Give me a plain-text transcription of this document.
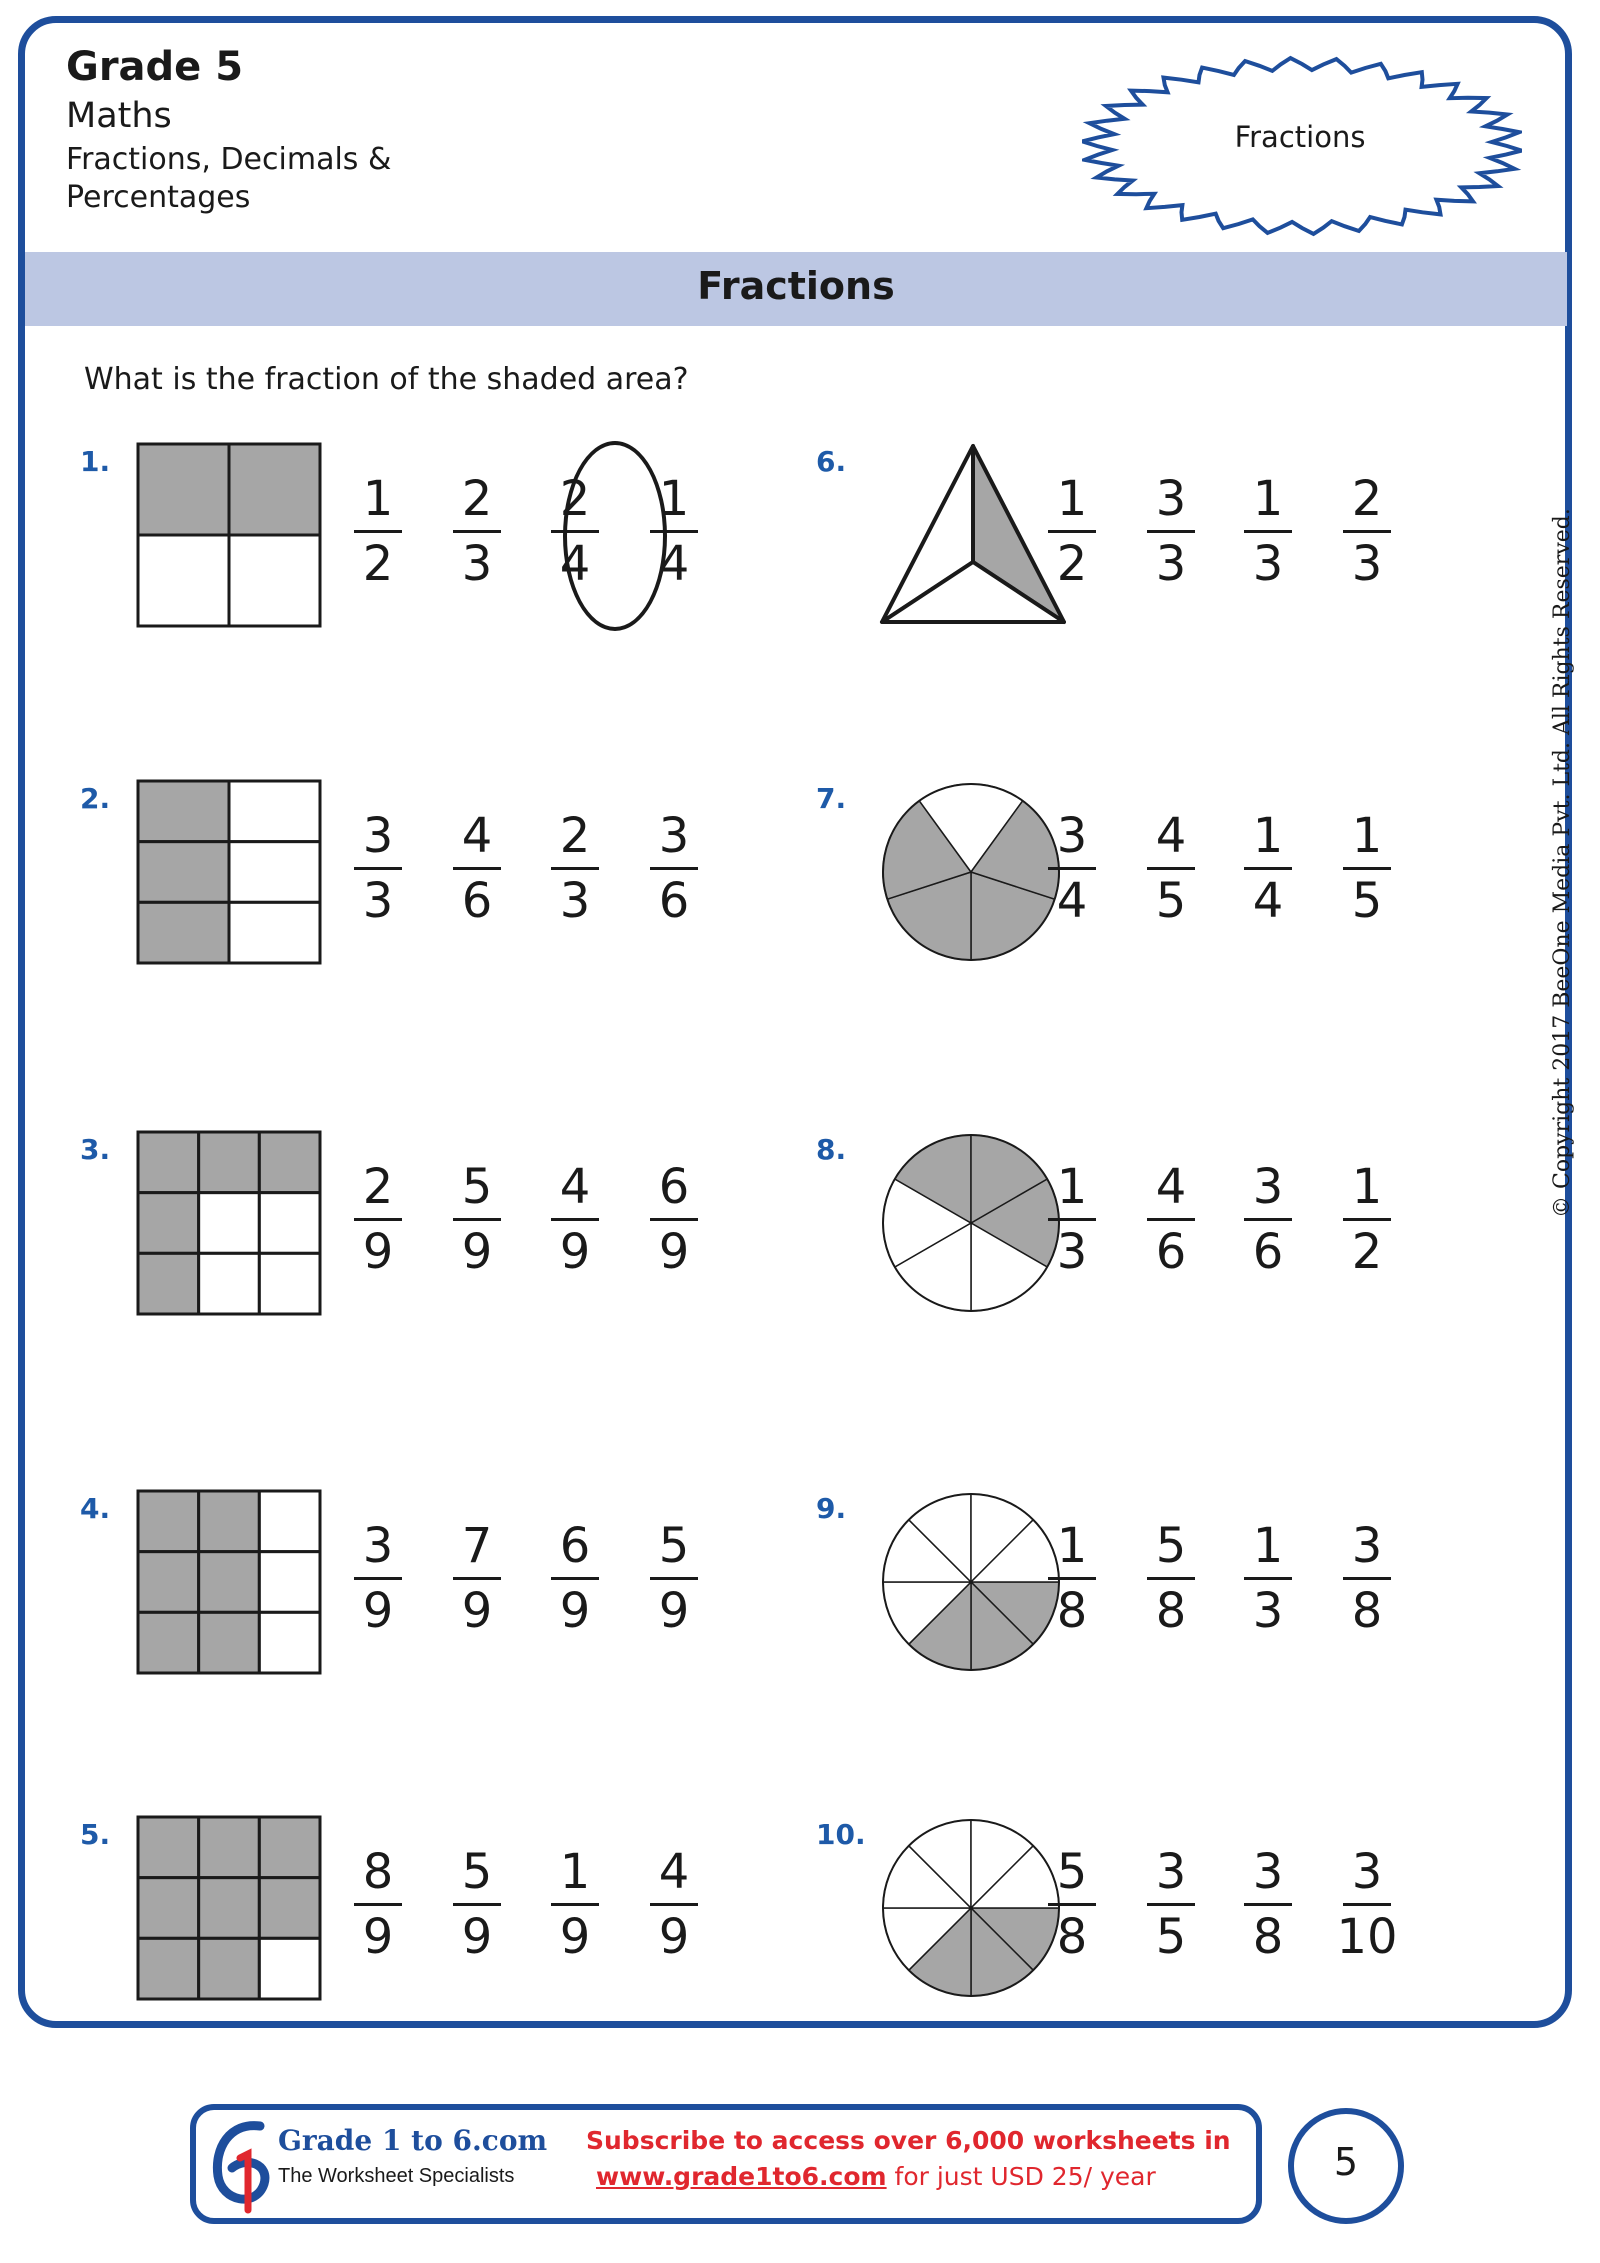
Grade 5
Maths
Fractions, Decimals &
Percentages
Fractions
Fractions
What is the fraction of the shaded area?
1.
1
2
2
3
2
4
1
4
2.
3
3
4
6
2
3
3
6
3.
2
9
5
9
4
9
6
9
4.
3
9
7
9
6
9
5
9
5.
8
9
5
9
1
9
4
9
6.
1
2
3
3
1
3
2
3
7.
3
4
4
5
1
4
1
5
8.
1
3
4
6
3
6
1
2
9.
1
8
5
8
1
3
3
8
10.
5
8
3
5
3
8
3
10
© Copyright 2017 BeeOne Media Pvt. Ltd. All Rights Reserved.
Grade 1 to 6.com
The Worksheet Specialists
Subscribe to access over 6,000 worksheets in
www.grade1to6.com for just USD 25/ year	5
